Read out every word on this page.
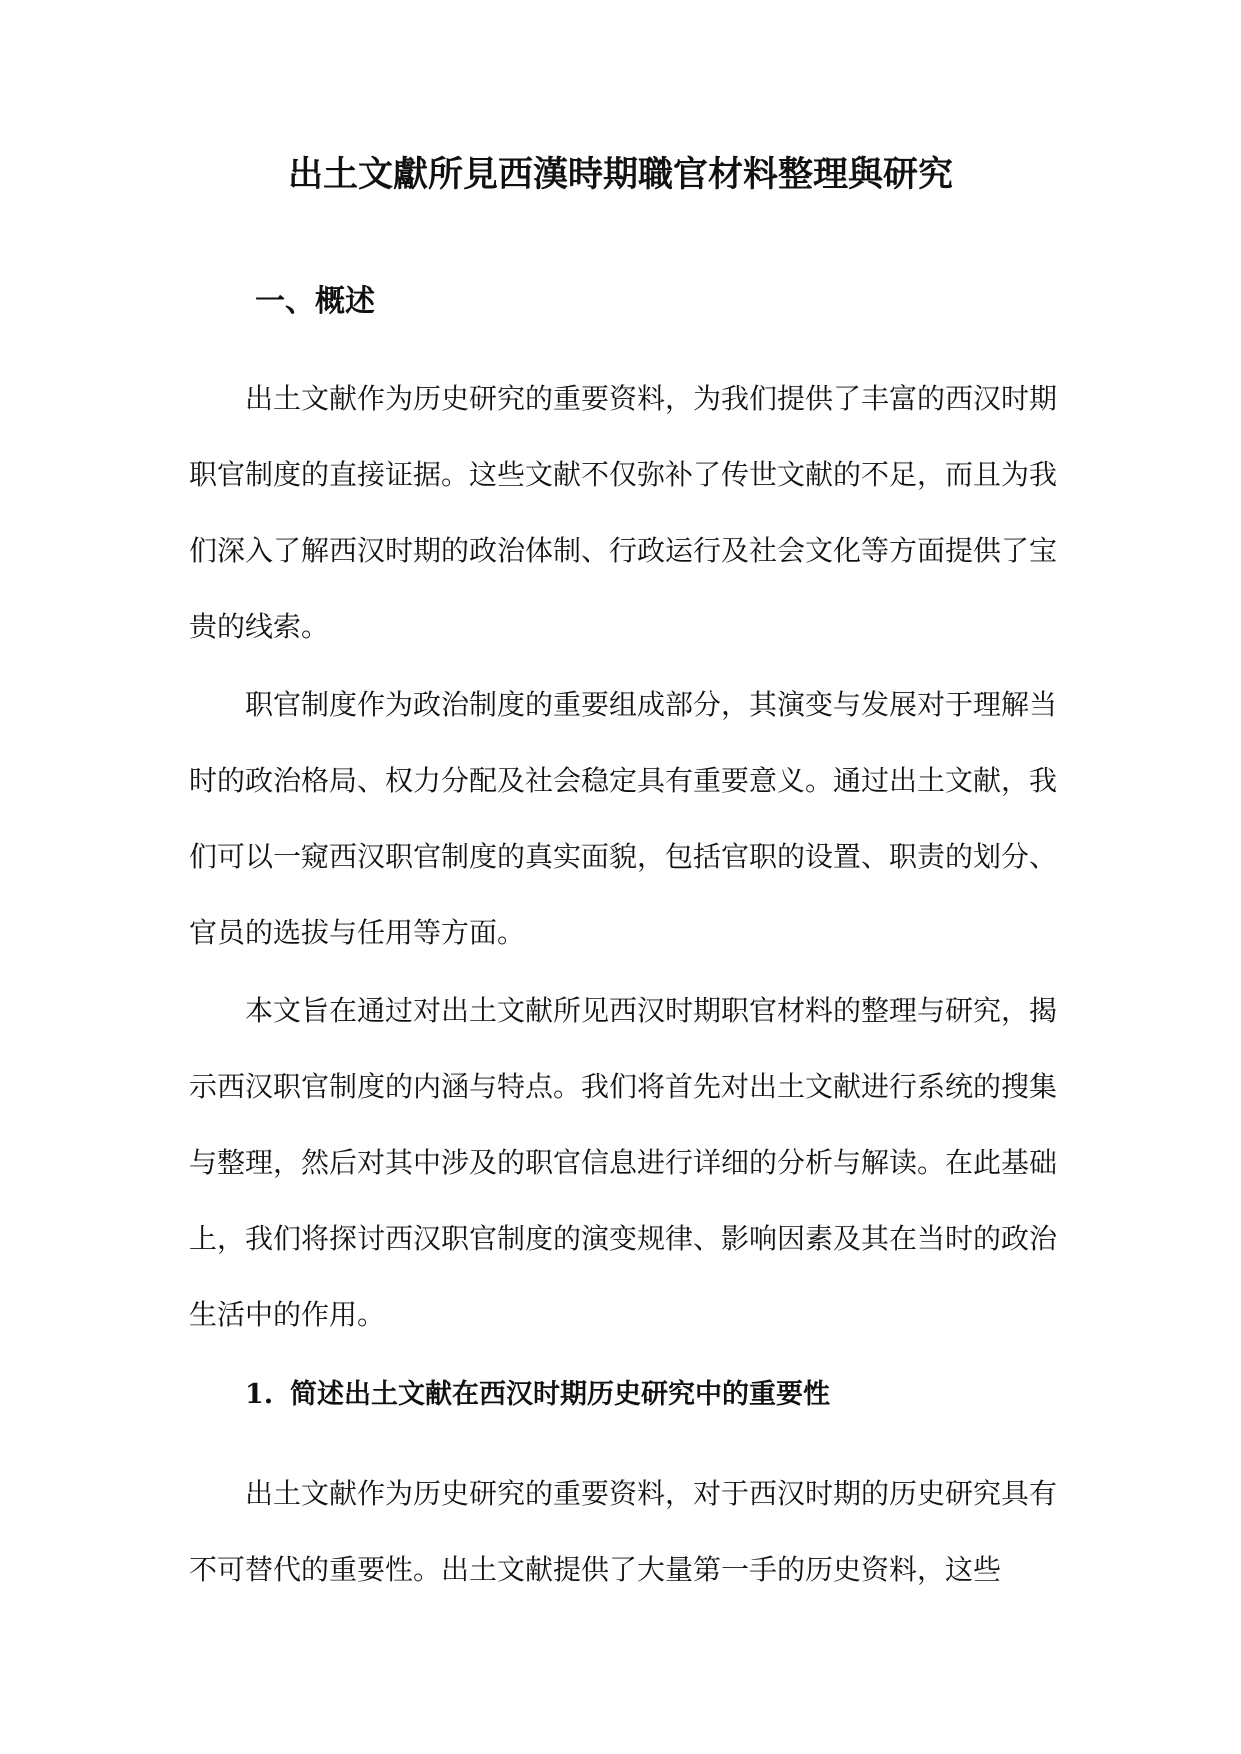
出土文獻所見西漢時期職官材料整理與研究
一、概述

出土文献作为历史研究的重要资料，为我们提供了丰富的西汉时期职官制度的直接证据。这些文献不仅弥补了传世文献的不足，而且为我们深入了解西汉时期的政治体制、行政运行及社会文化等方面提供了宝贵的线索。

职官制度作为政治制度的重要组成部分，其演变与发展对于理解当时的政治格局、权力分配及社会稳定具有重要意义。通过出土文献，我们可以一窥西汉职官制度的真实面貌，包括官职的设置、职责的划分、官员的选拔与任用等方面。

本文旨在通过对出土文献所见西汉时期职官材料的整理与研究，揭示西汉职官制度的内涵与特点。我们将首先对出土文献进行系统的搜集与整理，然后对其中涉及的职官信息进行详细的分析与解读。在此基础上，我们将探讨西汉职官制度的演变规律、影响因素及其在当时的政治生活中的作用。

1. 简述出土文献在西汉时期历史研究中的重要性

出土文献作为历史研究的重要资料，对于西汉时期的历史研究具有不可替代的重要性。出土文献提供了大量第一手的历史资料，这些
